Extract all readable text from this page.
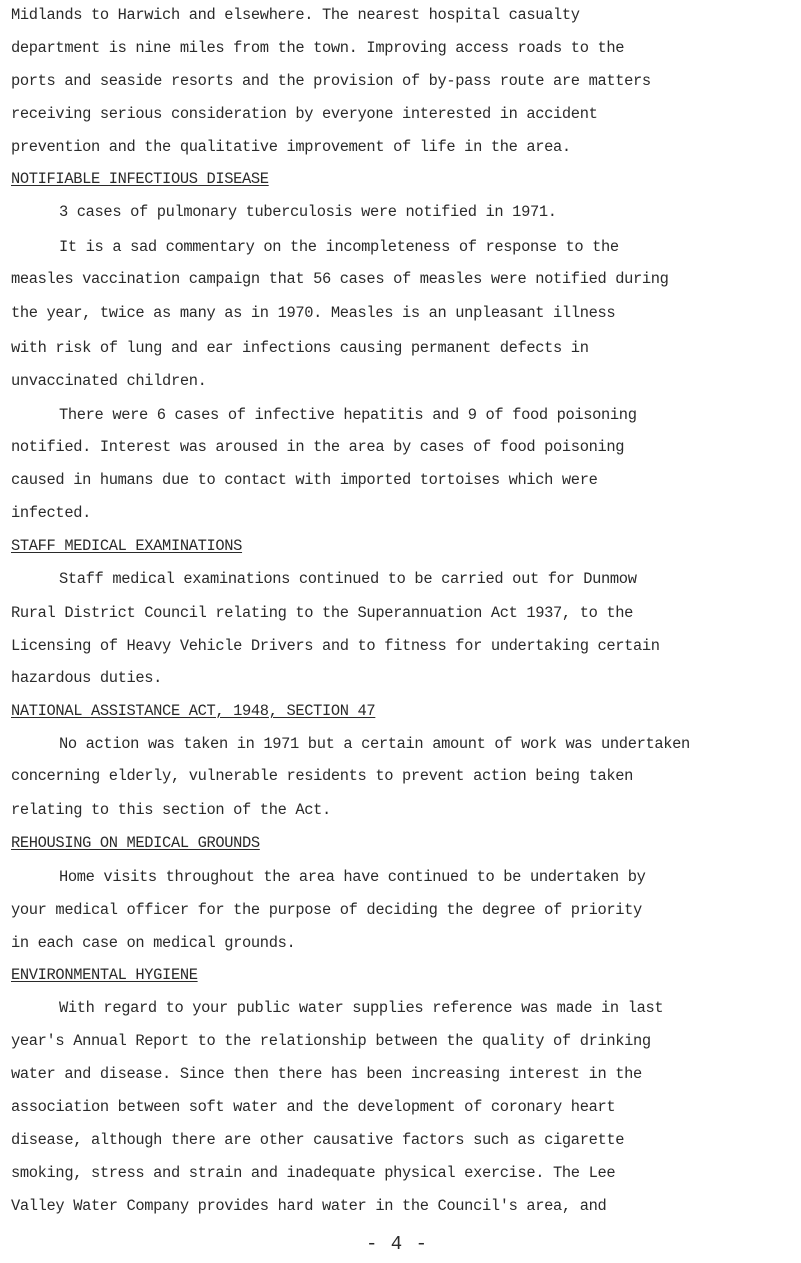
Midlands to Harwich and elsewhere. The nearest hospital casualty
department is nine miles from the town. Improving access roads to the
ports and seaside resorts and the provision of by-pass route are matters
receiving serious consideration by everyone interested in accident
prevention and the qualitative improvement of life in the area.
NOTIFIABLE INFECTIOUS DISEASE
3 cases of pulmonary tuberculosis were notified in 1971.
It is a sad commentary on the incompleteness of response to the
measles vaccination campaign that 56 cases of measles were notified during
the year, twice as many as in 1970. Measles is an unpleasant illness
with risk of lung and ear infections causing permanent defects in
unvaccinated children.
There were 6 cases of infective hepatitis and 9 of food poisoning
notified. Interest was aroused in the area by cases of food poisoning
caused in humans due to contact with imported tortoises which were
infected.
STAFF MEDICAL EXAMINATIONS
Staff medical examinations continued to be carried out for Dunmow
Rural District Council relating to the Superannuation Act 1937, to the
Licensing of Heavy Vehicle Drivers and to fitness for undertaking certain
hazardous duties.
NATIONAL ASSISTANCE ACT, 1948, SECTION 47
No action was taken in 1971 but a certain amount of work was undertaken
concerning elderly, vulnerable residents to prevent action being taken
relating to this section of the Act.
REHOUSING ON MEDICAL GROUNDS
Home visits throughout the area have continued to be undertaken by
your medical officer for the purpose of deciding the degree of priority
in each case on medical grounds.
ENVIRONMENTAL HYGIENE
With regard to your public water supplies reference was made in last
year's Annual Report to the relationship between the quality of drinking
water and disease. Since then there has been increasing interest in the
association between soft water and the development of coronary heart
disease, although there are other causative factors such as cigarette
smoking, stress and strain and inadequate physical exercise. The Lee
Valley Water Company provides hard water in the Council's area, and
- 4 -
